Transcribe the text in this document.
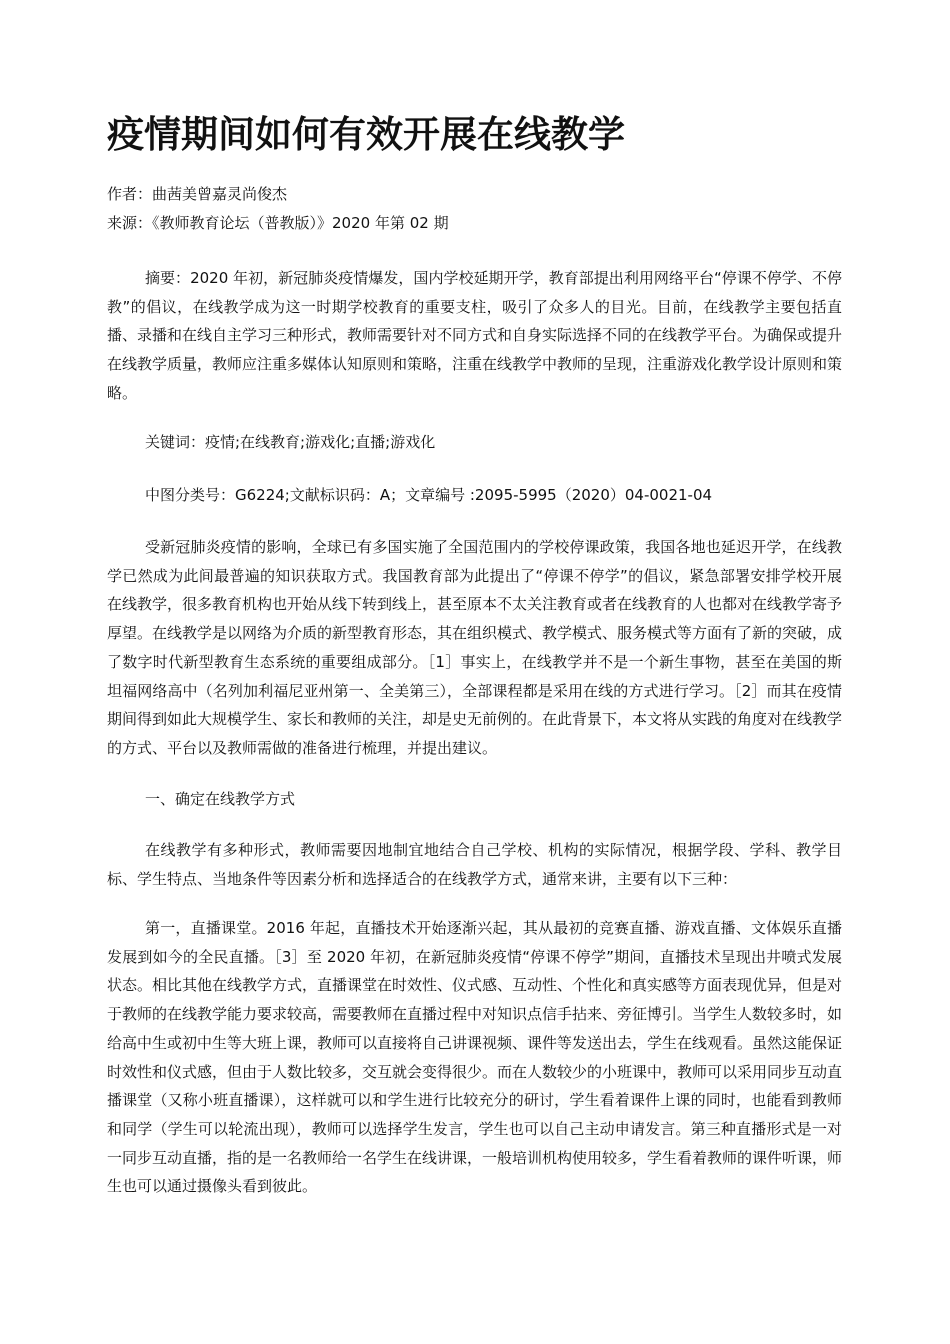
疫情期间如何有效开展在线教学
作者：曲茜美曾嘉灵尚俊杰
来源：《教师教育论坛（普教版）》2020 年第 02 期

摘要：2020 年初，新冠肺炎疫情爆发，国内学校延期开学，教育部提出利用网络平台“停课不停学、不停教”的倡议，在线教学成为这一时期学校教育的重要支柱，吸引了众多人的目光。目前，在线教学主要包括直播、录播和在线自主学习三种形式，教师需要针对不同方式和自身实际选择不同的在线教学平台。为确保或提升在线教学质量，教师应注重多媒体认知原则和策略，注重在线教学中教师的呈现，注重游戏化教学设计原则和策略。

关键词：疫情;在线教育;游戏化;直播;游戏化

中图分类号：G6224;文献标识码：A；文章编号 :2095-5995（2020）04-0021-04

受新冠肺炎疫情的影响，全球已有多国实施了全国范围内的学校停课政策，我国各地也延迟开学，在线教学已然成为此间最普遍的知识获取方式。我国教育部为此提出了“停课不停学”的倡议，紧急部署安排学校开展在线教学，很多教育机构也开始从线下转到线上，甚至原本不太关注教育或者在线教育的人也都对在线教学寄予厚望。在线教学是以网络为介质的新型教育形态，其在组织模式、教学模式、服务模式等方面有了新的突破，成了数字时代新型教育生态系统的重要组成部分。［1］事实上，在线教学并不是一个新生事物，甚至在美国的斯坦福网络高中（名列加利福尼亚州第一、全美第三），全部课程都是采用在线的方式进行学习。［2］而其在疫情期间得到如此大规模学生、家长和教师的关注，却是史无前例的。在此背景下，本文将从实践的角度对在线教学的方式、平台以及教师需做的准备进行梳理，并提出建议。

一、确定在线教学方式

在线教学有多种形式，教师需要因地制宜地结合自己学校、机构的实际情况，根据学段、学科、教学目标、学生特点、当地条件等因素分析和选择适合的在线教学方式，通常来讲，主要有以下三种：

第一，直播课堂。2016 年起，直播技术开始逐渐兴起，其从最初的竞赛直播、游戏直播、文体娱乐直播发展到如今的全民直播。［3］至 2020 年初，在新冠肺炎疫情“停课不停学”期间，直播技术呈现出井喷式发展状态。相比其他在线教学方式，直播课堂在时效性、仪式感、互动性、个性化和真实感等方面表现优异，但是对于教师的在线教学能力要求较高，需要教师在直播过程中对知识点信手拈来、旁征博引。当学生人数较多时，如给高中生或初中生等大班上课，教师可以直接将自己讲课视频、课件等发送出去，学生在线观看。虽然这能保证时效性和仪式感，但由于人数比较多，交互就会变得很少。而在人数较少的小班课中，教师可以采用同步互动直播课堂（又称小班直播课），这样就可以和学生进行比较充分的研讨，学生看着课件上课的同时，也能看到教师和同学（学生可以轮流出现），教师可以选择学生发言，学生也可以自己主动申请发言。第三种直播形式是一对一同步互动直播，指的是一名教师给一名学生在线讲课，一般培训机构使用较多，学生看着教师的课件听课，师生也可以通过摄像头看到彼此。
